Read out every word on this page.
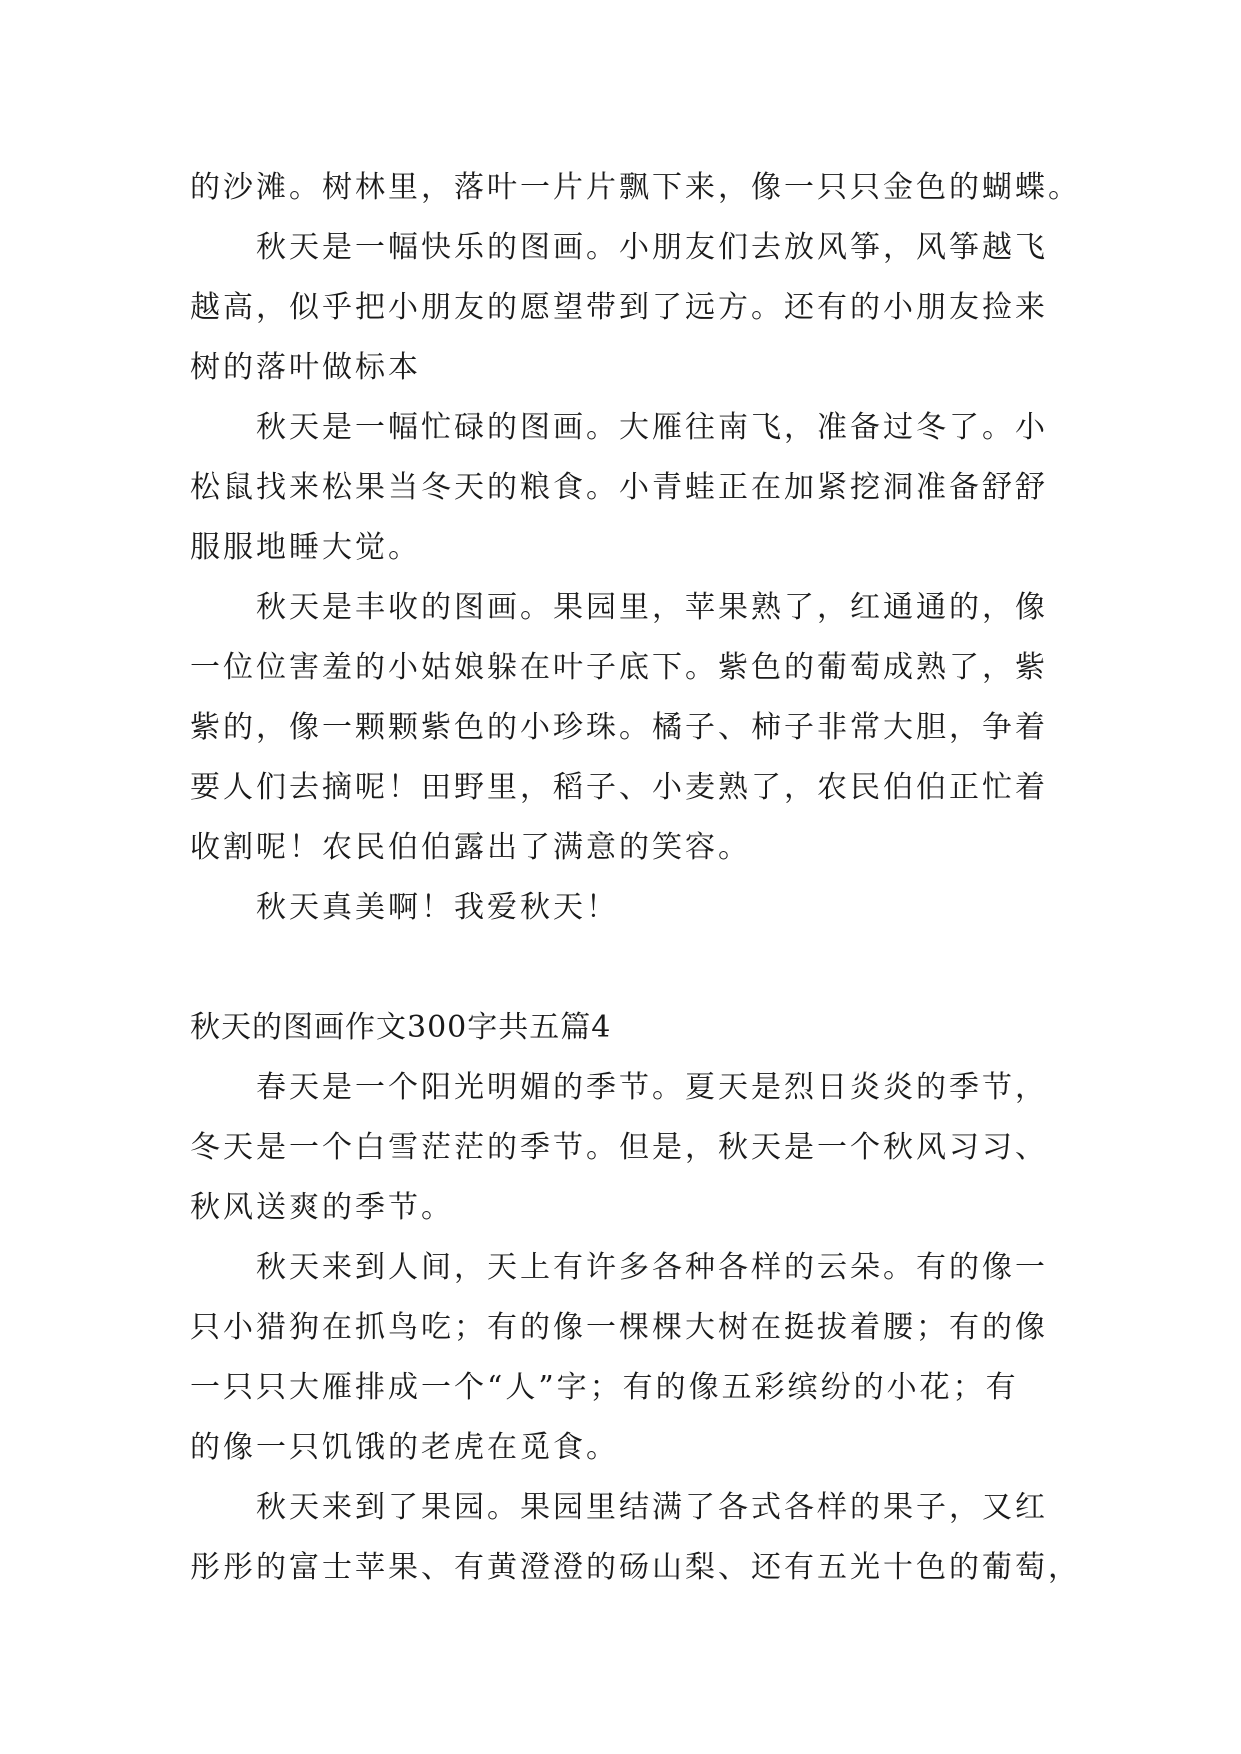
的沙滩。树林里，落叶一片片飘下来，像一只只金色的蝴蝶。
秋天是一幅快乐的图画。小朋友们去放风筝，风筝越飞
越高，似乎把小朋友的愿望带到了远方。还有的小朋友捡来
树的落叶做标本
秋天是一幅忙碌的图画。大雁往南飞，准备过冬了。小
松鼠找来松果当冬天的粮食。小青蛙正在加紧挖洞准备舒舒
服服地睡大觉。
秋天是丰收的图画。果园里，苹果熟了，红通通的，像
一位位害羞的小姑娘躲在叶子底下。紫色的葡萄成熟了，紫
紫的，像一颗颗紫色的小珍珠。橘子、柿子非常大胆，争着
要人们去摘呢！田野里，稻子、小麦熟了，农民伯伯正忙着
收割呢！农民伯伯露出了满意的笑容。
秋天真美啊！我爱秋天！
秋天的图画作文300字共五篇4
春天是一个阳光明媚的季节。夏天是烈日炎炎的季节，
冬天是一个白雪茫茫的季节。但是，秋天是一个秋风习习、
秋风送爽的季节。
秋天来到人间，天上有许多各种各样的云朵。有的像一
只小猎狗在抓鸟吃；有的像一棵棵大树在挺拔着腰；有的像
一只只大雁排成一个“人”字；有的像五彩缤纷的小花；有
的像一只饥饿的老虎在觅食。
秋天来到了果园。果园里结满了各式各样的果子，又红
彤彤的富士苹果、有黄澄澄的砀山梨、还有五光十色的葡萄，
